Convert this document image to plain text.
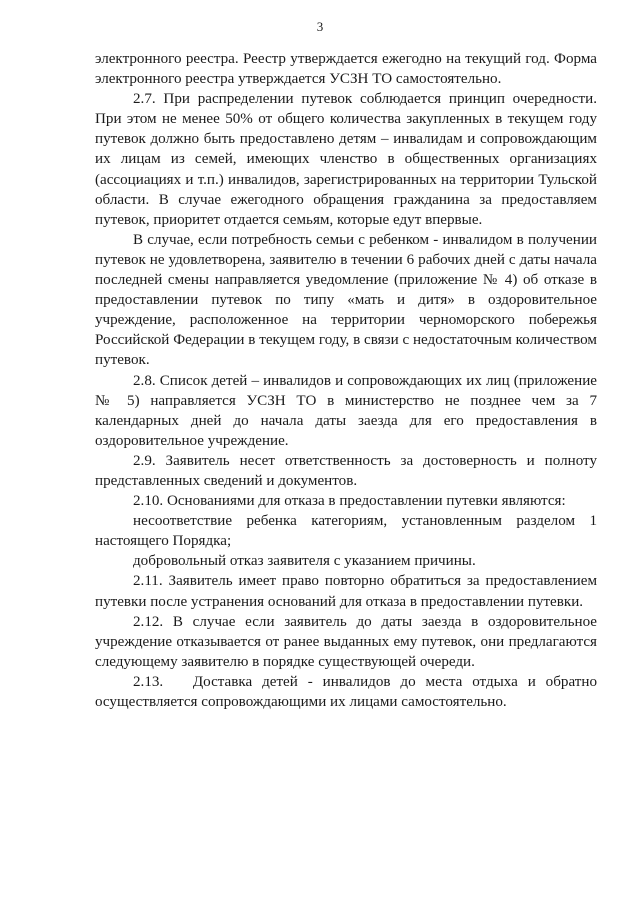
3

электронного реестра. Реестр утверждается ежегодно на текущий год. Форма электронного реестра утверждается УСЗН ТО самостоятельно.

2.7. При распределении путевок соблюдается принцип очередности. При этом не менее 50% от общего количества закупленных в текущем году путевок должно быть предоставлено детям – инвалидам и сопровождающим их лицам из семей, имеющих членство в общественных организациях (ассоциациях и т.п.) инвалидов, зарегистрированных на территории Тульской области. В случае ежегодного обращения гражданина за предоставляем путевок, приоритет отдается семьям, которые едут впервые.

В случае, если потребность семьи с ребенком - инвалидом в получении путевок не удовлетворена, заявителю в течении 6 рабочих дней с даты начала последней смены направляется уведомление (приложение № 4) об отказе в предоставлении путевок по типу «мать и дитя» в оздоровительное учреждение, расположенное на территории черноморского побережья Российской Федерации в текущем году, в связи с недостаточным количеством путевок.

2.8. Список детей – инвалидов и сопровождающих их лиц (приложение № 5) направляется УСЗН ТО в министерство не позднее чем за 7 календарных дней до начала даты заезда для его предоставления в оздоровительное учреждение.

2.9. Заявитель несет ответственность за достоверность и полноту представленных сведений и документов.

2.10. Основаниями для отказа в предоставлении путевки являются:

несоответствие ребенка категориям, установленным разделом 1 настоящего Порядка;

добровольный отказ заявителя с указанием причины.

2.11. Заявитель имеет право повторно обратиться за предоставлением путевки после устранения оснований для отказа в предоставлении путевки.

2.12. В случае если заявитель до даты заезда в оздоровительное учреждение отказывается от ранее выданных ему путевок, они предлагаются следующему заявителю в порядке существующей очереди.

2.13.   Доставка детей - инвалидов до места отдыха и обратно осуществляется сопровождающими их лицами самостоятельно.
